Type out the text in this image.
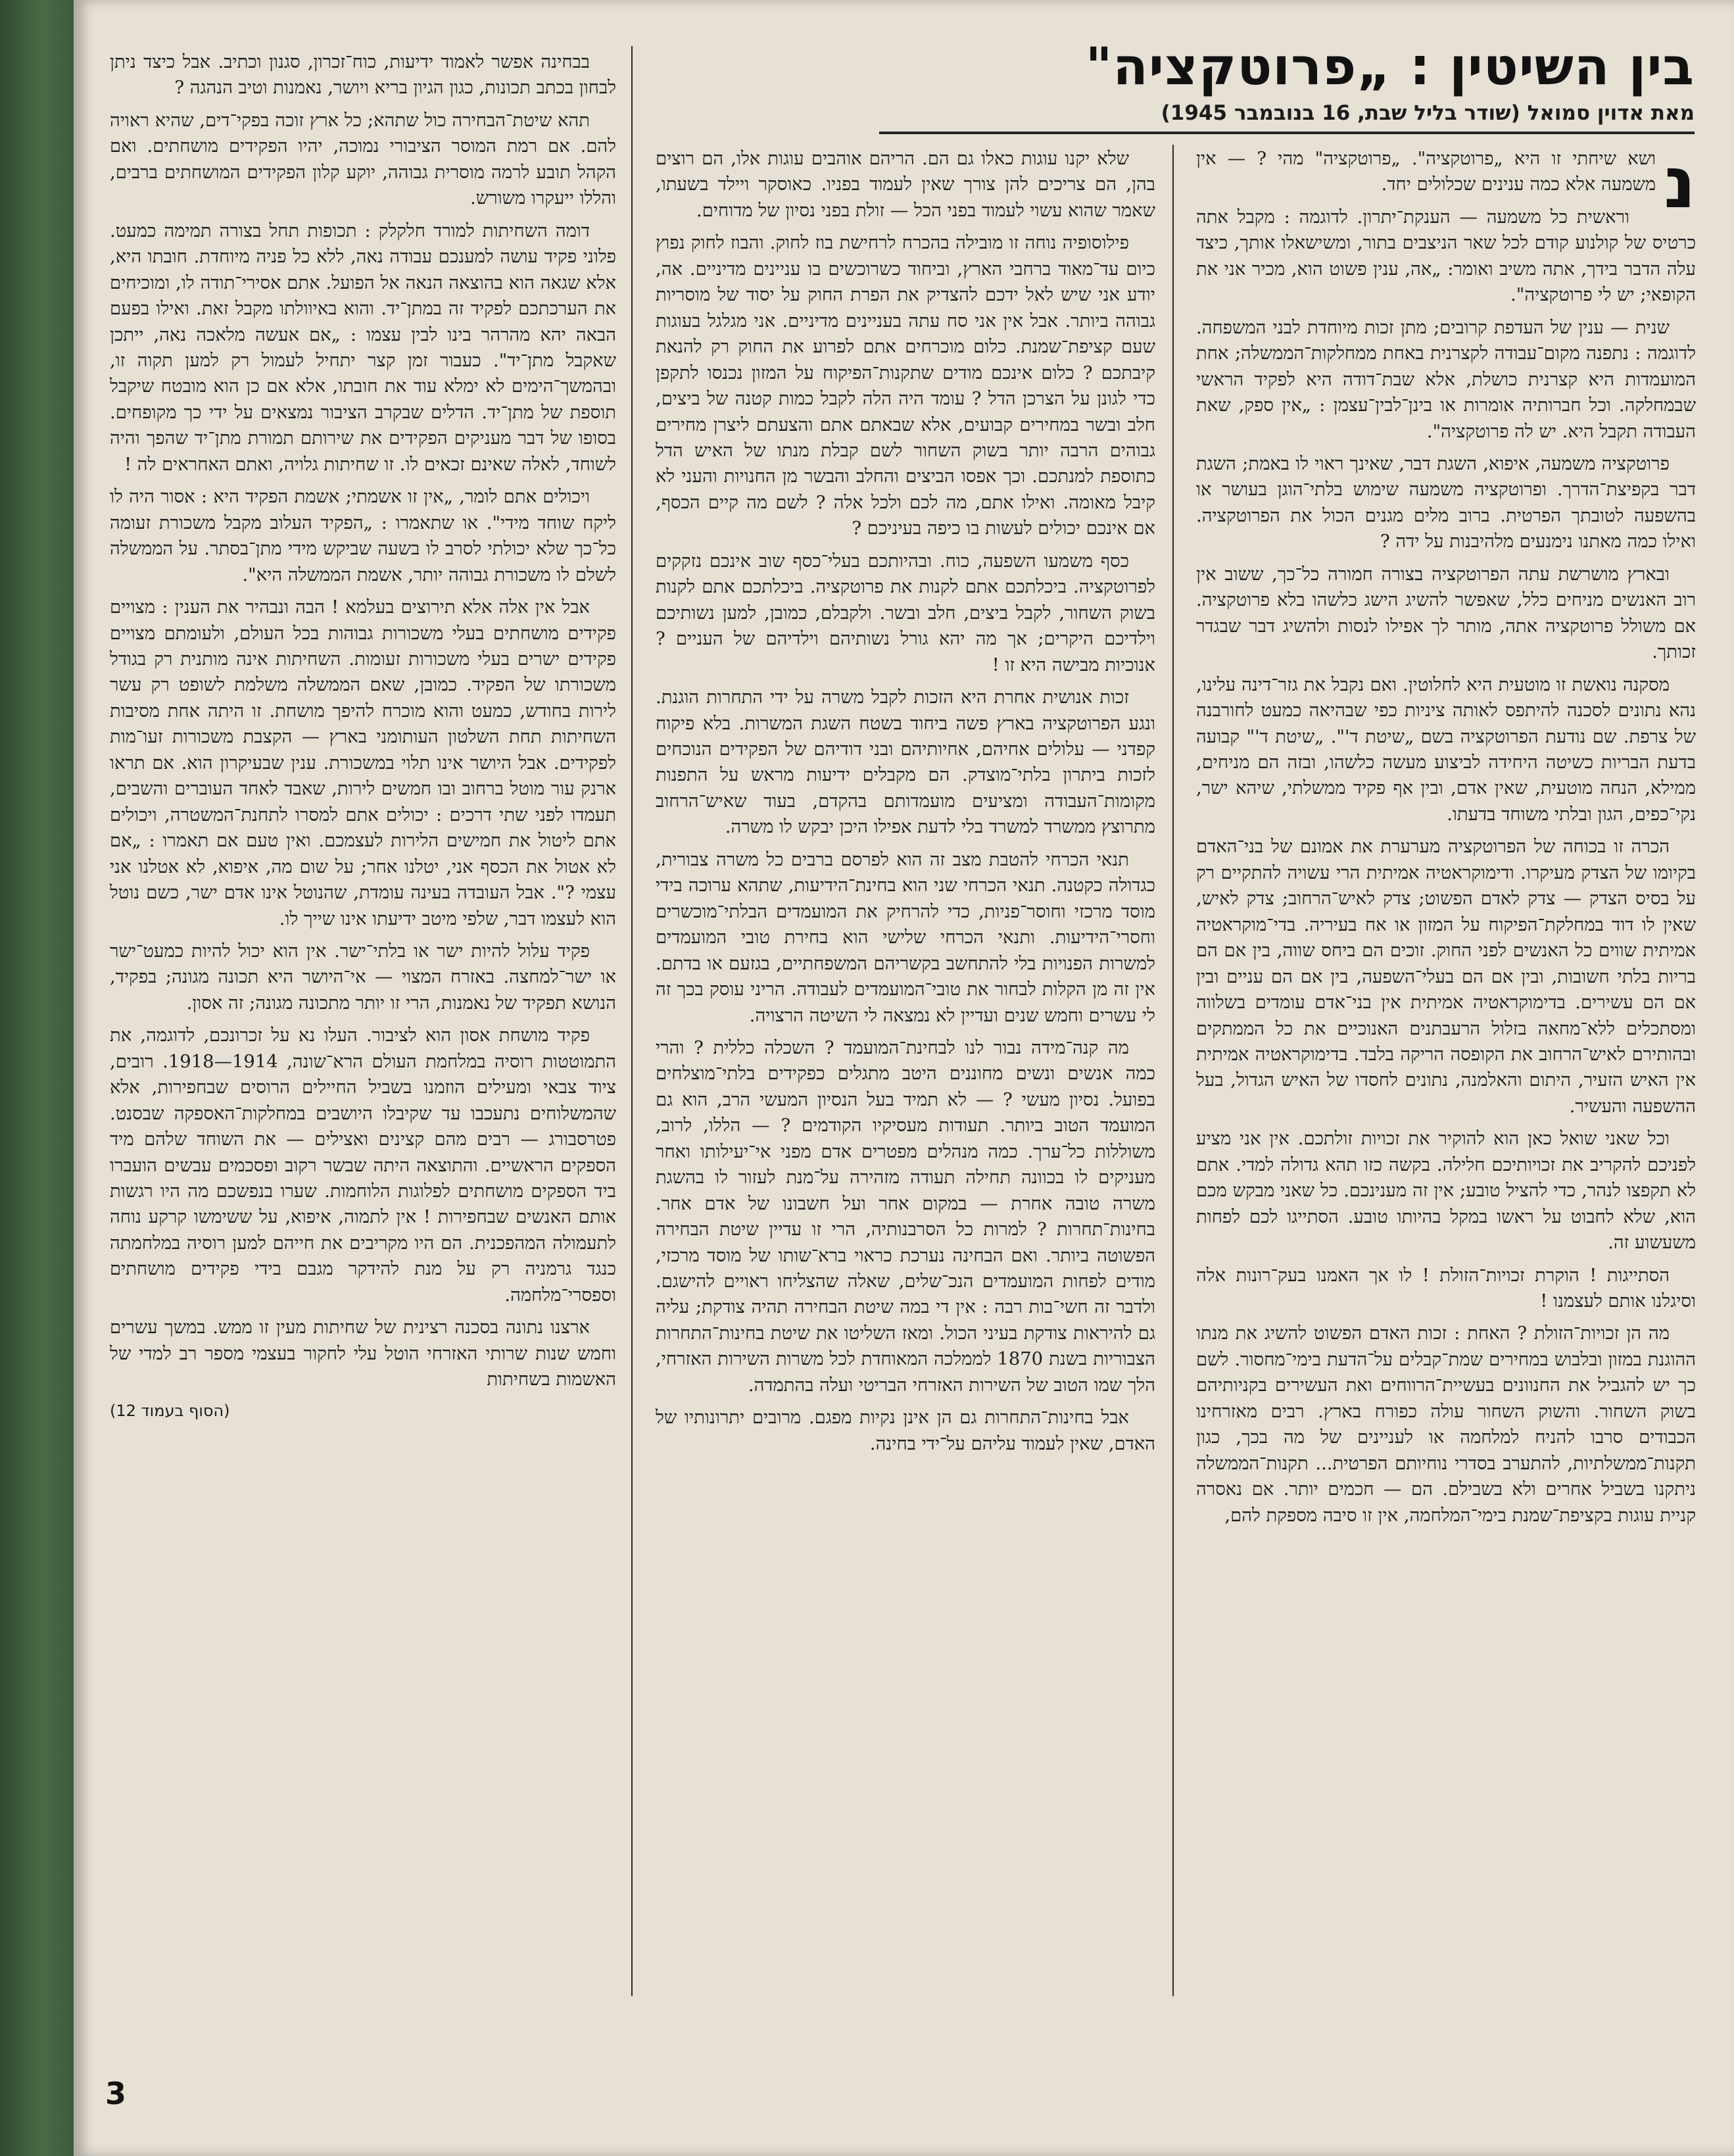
בין השיטין : „פרוטקציה"
מאת אדוין סמואל (שודר בליל שבת, 16 בנובמבר 1945)
נ

ושא שיחתי זו היא „פרוטקציה". „פרוטקציה" מהי ? — אין משמעה אלא כמה ענינים שכלולים יחד.

וראשית כל משמעה — הענקת־יתרון. לדוגמה : מקבל אתה כרטיס של קולנוע קודם לכל שאר הניצבים בתור, ומשישאלו אותך, כיצד עלה הדבר בידך, אתה משיב ואומר: „אה, ענין פשוט הוא, מכיר אני את הקופאי; יש לי פרוטקציה".

שנית — ענין של העדפת קרובים; מתן זכות מיוחדת לבני המשפחה. לדוגמה : נתפנה מקום־עבודה לקצרנית באחת ממחלקות־הממשלה; אחת המועמדות היא קצרנית כושלת, אלא שבת־דודה היא לפקיד הראשי שבמחלקה. וכל חברותיה אומרות או בינן־לבין־עצמן : „אין ספק, שאת העבודה תקבל היא. יש לה פרוטקציה".

פרוטקציה משמעה, איפוא, השגת דבר, שאינך ראוי לו באמת; השגת דבר בקפיצת־הדרך. ופרוטקציה משמעה שימוש בלתי־הוגן בעושר או בהשפעה לטובתך הפרטית. ברוב מלים מגנים הכול את הפרוטקציה. ואילו כמה מאתנו נימנעים מלהיבנות על ידה ?

ובארץ מושרשת עתה הפרוטקציה בצורה חמורה כל־כך, ששוב אין רוב האנשים מניחים כלל, שאפשר להשיג הישג כלשהו בלא פרוטקציה. אם משולל פרוטקציה אתה, מותר לך אפילו לנסות ולהשיג דבר שבגדר זכותך.

מסקנה נואשת זו מוטעית היא לחלוטין. ואם נקבל את גזר־דינה עלינו, נהא נתונים לסכנה להיתפס לאותה ציניות כפי שבהיאה כמעט לחורבנה של צרפת. שם נודעת הפרוטקציה בשם „שיטת ד'". „שיטת ד'" קבועה בדעת הבריות כשיטה היחידה לביצוע מעשה כלשהו, ובזה הם מניחים, ממילא, הנחה מוטעית, שאין אדם, ובין אף פקיד ממשלתי, שיהא ישר, נקי־כפים, הגון ובלתי משוחד בדעתו.

הכרה זו בכוחה של הפרוטקציה מערערת את אמונם של בני־האדם בקיומו של הצדק מעיקרו. ודימוקראטיה אמיתית הרי עשויה להתקיים רק על בסיס הצדק — צדק לאדם הפשוט; צדק לאיש־הרחוב; צדק לאיש, שאין לו דוד במחלקת־הפיקוח על המזון או אח בעיריה. בדי־מוקראטיה אמיתית שווים כל האנשים לפני החוק. זוכים הם ביחס שווה, בין אם הם בריות בלתי חשובות, ובין אם הם בעלי־השפעה, בין אם הם עניים ובין אם הם עשירים. בדימוקראטיה אמיתית אין בני־אדם עומדים בשלווה ומסתכלים ללא־מחאה בזלול הרעבתנים האנוכיים את כל הממתקים ובהותירם לאיש־הרחוב את הקופסה הריקה בלבד. בדימוקראטיה אמיתית אין האיש הזעיר, היתום והאלמנה, נתונים לחסדו של האיש הגדול, בעל ההשפעה והעשיר.

וכל שאני שואל כאן הוא להוקיר את זכויות זולתכם. אין אני מציע לפניכם להקריב את זכויותיכם חלילה. בקשה כזו תהא גדולה למדי. אתם לא תקפצו לנהר, כדי להציל טובע; אין זה מענינכם. כל שאני מבקש מכם הוא, שלא לחבוט על ראשו במקל בהיותו טובע. הסתייגו לכם לפחות משעשוע זה.

הסתייגות ! הוקרת זכויות־הזולת ! לו אך האמנו בעק־רונות אלה וסיגלנו אותם לעצמנו !

מה הן זכויות־הזולת ? האחת : זכות האדם הפשוט להשיג את מנתו ההוגנת במזון ובלבוש במחירים שמת־קבלים על־הדעת בימי־מחסור. לשם כך יש להגביל את החנוונים בעשיית־הרווחים ואת העשירים בקניותיהם בשוק השחור. והשוק השחור עולה כפורח בארץ. רבים מאזרחינו הכבודים סרבו להניח למלחמה או לעניינים של מה בכך, כגון תקנות־ממשלתיות, להתערב בסדרי נוחיותם הפרטית... תקנות־הממשלה ניתקנו בשביל אחרים ולא בשבילם. הם — חכמים יותר. אם נאסרה קניית עוגות בקציפת־שמנת בימי־המלחמה, אין זו סיבה מספקת להם,

שלא יקנו עוגות כאלו גם הם. הריהם אוהבים עוגות אלו, הם רוצים בהן, הם צריכים להן צורך שאין לעמוד בפניו. כאוסקר ויילד בשעתו, שאמר שהוא עשוי לעמוד בפני הכל — זולת בפני נסיון של מדוחים.

פילוסופיה נוחה זו מובילה בהכרח לרחישת בוז לחוק. והבוז לחוק נפוץ כיום עד־מאוד ברחבי הארץ, וביחוד כשרוכשים בו עניינים מדיניים. אה, יודע אני שיש לאל ידכם להצדיק את הפרת החוק על יסוד של מוסריות גבוהה ביותר. אבל אין אני סח עתה בעניינים מדיניים. אני מגלגל בעוגות שעם קציפת־שמנת. כלום מוכרחים אתם לפרוע את החוק רק להנאת קיבתכם ? כלום אינכם מודים שתקנות־הפיקוח על המזון נכנסו לתקפן כדי לגונן על הצרכן הדל ? עומד היה הלה לקבל כמות קטנה של ביצים, חלב ובשר במחירים קבועים, אלא שבאתם אתם והצעתם ליצרן מחירים גבוהים הרבה יותר בשוק השחור לשם קבלת מנתו של האיש הדל כתוספת למנתכם. וכך אפסו הביצים והחלב והבשר מן החנויות והעני לא קיבל מאומה. ואילו אתם, מה לכם ולכל אלה ? לשם מה קיים הכסף, אם אינכם יכולים לעשות בו כיפה בעיניכם ?

כסף משמעו השפעה, כוח. ובהיותכם בעלי־כסף שוב אינכם נזקקים לפרוטקציה. ביכלתכם אתם לקנות את פרוטקציה. ביכלתכם אתם לקנות בשוק השחור, לקבל ביצים, חלב ובשר. ולקבלם, כמובן, למען נשותיכם וילדיכם היקרים; אך מה יהא גורל נשותיהם וילדיהם של העניים ? אנוכיות מבישה היא זו !

זכות אנושית אחרת היא הזכות לקבל משרה על ידי התחרות הוגנת. ונגע הפרוטקציה בארץ פשה ביחוד בשטח השגת המשרות. בלא פיקוח קפדני — עלולים אחיהם, אחיותיהם ובני דודיהם של הפקידים הנוכחים לזכות ביתרון בלתי־מוצדק. הם מקבלים ידיעות מראש על התפנות מקומות־העבודה ומציעים מועמדותם בהקדם, בעוד שאיש־הרחוב מתרוצץ ממשרד למשרד בלי לדעת אפילו היכן יבקש לו משרה.

תנאי הכרחי להטבת מצב זה הוא לפרסם ברבים כל משרה צבורית, כגדולה כקטנה. תנאי הכרחי שני הוא בחינת־הידיעות, שתהא ערוכה בידי מוסד מרכזי וחוסר־פניות, כדי להרחיק את המועמדים הבלתי־מוכשרים וחסרי־הידיעות. ותנאי הכרחי שלישי הוא בחירת טובי המועמדים למשרות הפנויות בלי להתחשב בקשריהם המשפחתיים, בגזעם או בדתם. אין זה מן הקלות לבחור את טובי־המועמדים לעבודה. הריני עוסק בכך זה לי עשרים וחמש שנים ועדיין לא נמצאה לי השיטה הרצויה.

מה קנה־מידה נבור לנו לבחינת־המועמד ? השכלה כללית ? והרי כמה אנשים ונשים מחוננים היטב מתגלים כפקידים בלתי־מוצלחים בפועל. נסיון מעשי ? — לא תמיד בעל הנסיון המעשי הרב, הוא גם המועמד הטוב ביותר. תעודות מעסיקיו הקודמים ? — הללו, לרוב, משוללות כל־ערך. כמה מנהלים מפטרים אדם מפני אי־יעילותו ואחר מעניקים לו בכוונה תחילה תעודה מזהירה על־מנת לעזור לו בהשגת משרה טובה אחרת — במקום אחר ועל חשבונו של אדם אחר. בחינות־תחרות ? למרות כל הסרבנותיה, הרי זו עדיין שיטת הבחירה הפשוטה ביותר. ואם הבחינה נערכת כראוי ברא־שותו של מוסד מרכזי, מודים לפחות המועמדים הנכ־שלים, שאלה שהצליחו ראויים להישגם. ולדבר זה חשי־בות רבה : אין די במה שיטת הבחירה תהיה צודקת; עליה גם להיראות צודקת בעיני הכול. ומאז השליטו את שיטת בחינות־התחרות הצבוריות בשנת 1870 לממלכה המאוחדת לכל משרות השירות האזרחי, הלך שמו הטוב של השירות האזרחי הבריטי ועלה בהתמדה.

אבל בחינות־התחרות גם הן אינן נקיות מפגם. מרובים יתרונותיו של האדם, שאין לעמוד עליהם על־ידי בחינה.

בבחינה אפשר לאמוד ידיעות, כוח־זכרון, סגנון וכתיב. אבל כיצד ניתן לבחון בכתב תכונות, כגון הגיון בריא ויושר, נאמנות וטיב הנהגה ?

תהא שיטת־הבחירה כול שתהא; כל ארץ זוכה בפקי־דים, שהיא ראויה להם. אם רמת המוסר הציבורי נמוכה, יהיו הפקידים מושחתים. ואם הקהל תובע לרמה מוסרית גבוהה, יוקע קלון הפקידים המושחתים ברבים, והללו ייעקרו משורש.

דומה השחיתות למורד חלקלק : תכופות תחל בצורה תמימה כמעט. פלוני פקיד עושה למענכם עבודה נאה, ללא כל פניה מיוחדת. חובתו היא, אלא שגאה הוא בהוצאה הנאה אל הפועל. אתם אסירי־תודה לו, ומוכיחים את הערכתכם לפקיד זה במתן־יד. והוא באיוולתו מקבל זאת. ואילו בפעם הבאה יהא מהרהר בינו לבין עצמו : „אם אעשה מלאכה נאה, ייתכן שאקבל מתן־יד". כעבור זמן קצר יתחיל לעמול רק למען תקוה זו, ובהמשך־הימים לא ימלא עוד את חובתו, אלא אם כן הוא מובטח שיקבל תוספת של מתן־יד. הדלים שבקרב הציבור נמצאים על ידי כך מקופחים. בסופו של דבר מעניקים הפקידים את שירותם תמורת מתן־יד שהפך והיה לשוחד, לאלה שאינם זכאים לו. זו שחיתות גלויה, ואתם האחראים לה !

ויכולים אתם לומר, „אין זו אשמתי; אשמת הפקיד היא : אסור היה לו ליקח שוחד מידי". או שתאמרו : „הפקיד העלוב מקבל משכורת זעומה כל־כך שלא יכולתי לסרב לו בשעה שביקש מידי מתן־בסתר. על הממשלה לשלם לו משכורת גבוהה יותר, אשמת הממשלה היא".

אבל אין אלה אלא תירוצים בעלמא ! הבה ונבהיר את הענין : מצויים פקידים מושחתים בעלי משכורות גבוהות בכל העולם, ולעומתם מצויים פקידים ישרים בעלי משכורות זעומות. השחיתות אינה מותנית רק בגודל משכורתו של הפקיד. כמובן, שאם הממשלה משלמת לשופט רק עשר לירות בחודש, כמעט והוא מוכרח להיפך מושחת. זו היתה אחת מסיבות השחיתות תחת השלטון העותומני בארץ — הקצבת משכורות זעו־מות לפקידים. אבל היושר אינו תלוי במשכורת. ענין שבעיקרון הוא. אם תראו ארנק עור מוטל ברחוב ובו חמשים לירות, שאבד לאחד העוברים והשבים, תעמדו לפני שתי דרכים : יכולים אתם למסרו לתחנת־המשטרה, ויכולים אתם ליטול את חמישים הלירות לעצמכם. ואין טעם אם תאמרו : „אם לא אטול את הכסף אני, יטלנו אחר; על שום מה, איפוא, לא אטלנו אני עצמי ?". אבל העובדה בעינה עומדת, שהנוטל אינו אדם ישר, כשם נוטל הוא לעצמו דבר, שלפי מיטב ידיעתו אינו שייך לו.

פקיד עלול להיות ישר או בלתי־ישר. אין הוא יכול להיות כמעט־ישר או ישר־למחצה. באזרח המצוי — אי־היושר היא תכונה מגונה; בפקיד, הנושא תפקיד של נאמנות, הרי זו יותר מתכונה מגונה; זה אסון.

פקיד מושחת אסון הוא לציבור. העלו נא על זכרונכם, לדוגמה, את התמוטטות רוסיה במלחמת העולם הרא־שונה, 1914—1918. רובים, ציוד צבאי ומעילים הוזמנו בשביל החיילים הרוסים שבחפירות, אלא שהמשלוחים נתעכבו עד שקיבלו היושבים במחלקות־האספקה שבסנט. פטרסבורג — רבים מהם קצינים ואצילים — את השוחד שלהם מיד הספקים הראשיים. והתוצאה היתה שבשר רקוב ופסכמים עבשים הועברו ביד הספקים מושחתים לפלוגות הלוחמות. שערו בנפשכם מה היו רגשות אותם האנשים שבחפירות ! אין לתמוה, איפוא, על ששימשו קרקע נוחה לתעמולה המהפכנית. הם היו מקריבים את חייהם למען רוסיה במלחמתה כנגד גרמניה רק על מנת להידקר מגבם בידי פקידים מושחתים וספסרי־מלחמה.

ארצנו נתונה בסכנה רצינית של שחיתות מעין זו ממש. במשך עשרים וחמש שנות שרותי האזרחי הוטל עלי לחקור בעצמי מספר רב למדי של האשמות בשחיתות

(הסוף בעמוד 12)
3
